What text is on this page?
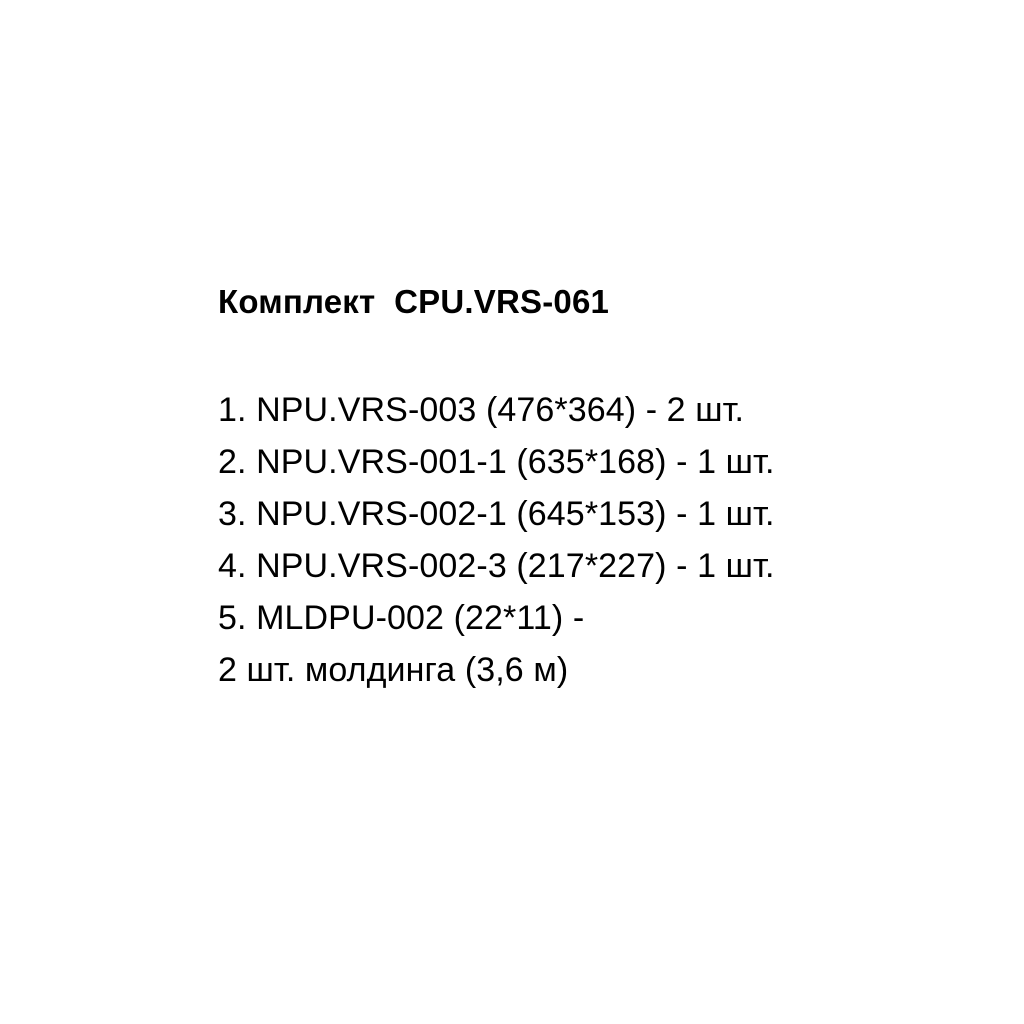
Комплект  CPU.VRS-061
1. NPU.VRS-003 (476*364) - 2 шт.
2. NPU.VRS-001-1 (635*168) - 1 шт.
3. NPU.VRS-002-1 (645*153) - 1 шт.
4. NPU.VRS-002-3 (217*227) - 1 шт.
5. MLDPU-002 (22*11) -
2 шт. молдинга (3,6 м)
